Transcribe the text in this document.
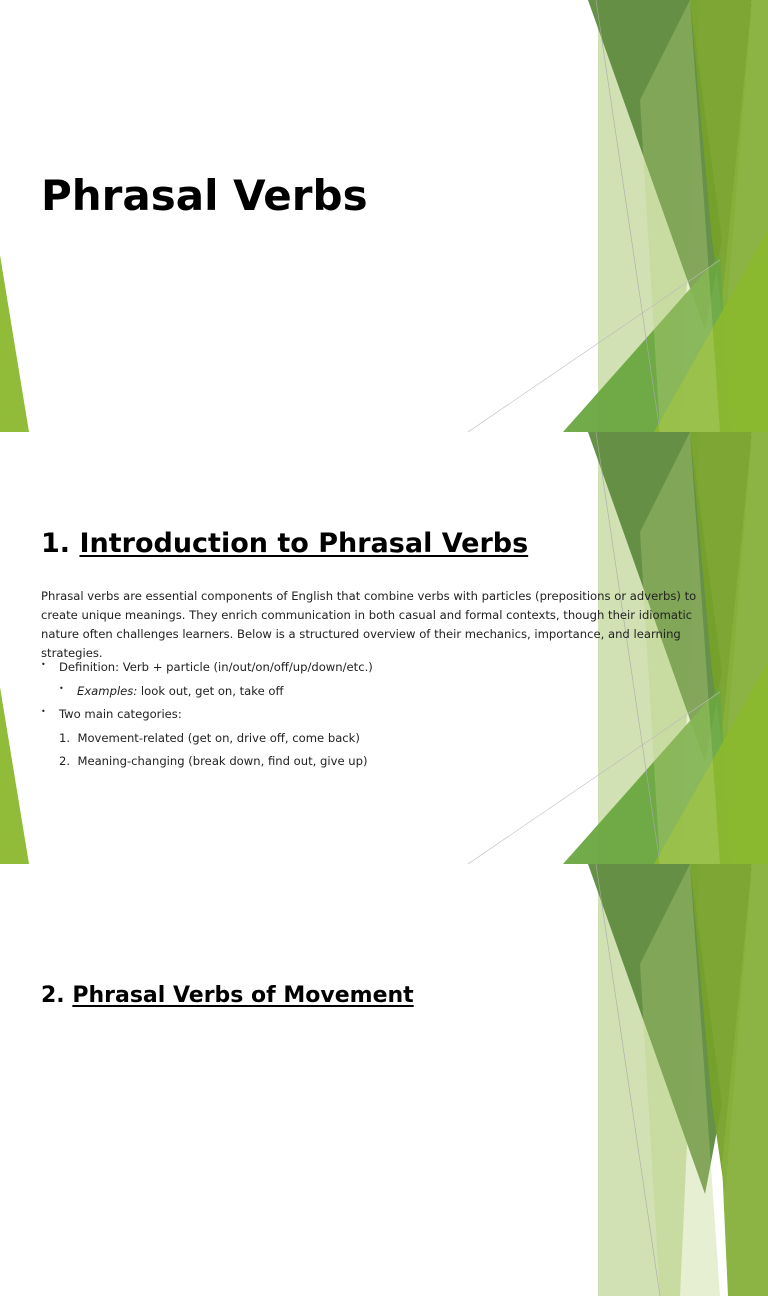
Phrasal Verbs
1. Introduction to Phrasal Verbs

Phrasal verbs are essential components of English that combine verbs with particles (prepositions or adverbs) to create unique meanings. They enrich communication in both casual and formal contexts, though their idiomatic nature often challenges learners. Below is a structured overview of their mechanics, importance, and learning strategies.

• Definition: Verb + particle (in/out/on/off/up/down/etc.)
• Examples: look out, get on, take off
• Two main categories:
1. Movement-related (get on, drive off, come back)
2. Meaning-changing (break down, find out, give up)
2. Phrasal Verbs of Movement
